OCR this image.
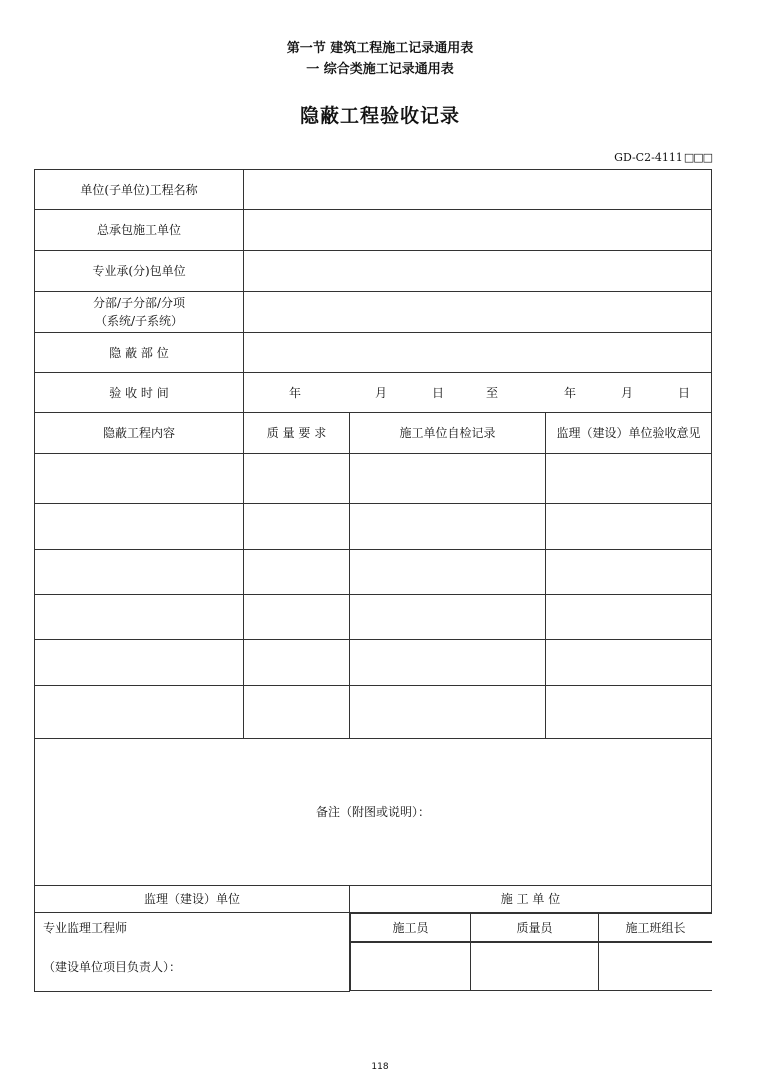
第一节 建筑工程施工记录通用表
一 综合类施工记录通用表
隐蔽工程验收记录
GD-C2-4111□□□
单位(子单位)工程名称	
总承包施工单位	
专业承(分)包单位	

分部/子分部/分项
（系统/子系统）

隐 蔽 部 位	
验 收 时 间	年	月	日	至	年	月	日
隐蔽工程内容	质 量 要 求	施工单位自检记录	监理（建设）单位验收意见

备注（附图或说明）：
监理（建设）单位	施 工 单 位

专业监理工程师
（建设单位项目负责人）：

施工员	质量员	施工班组长

118
